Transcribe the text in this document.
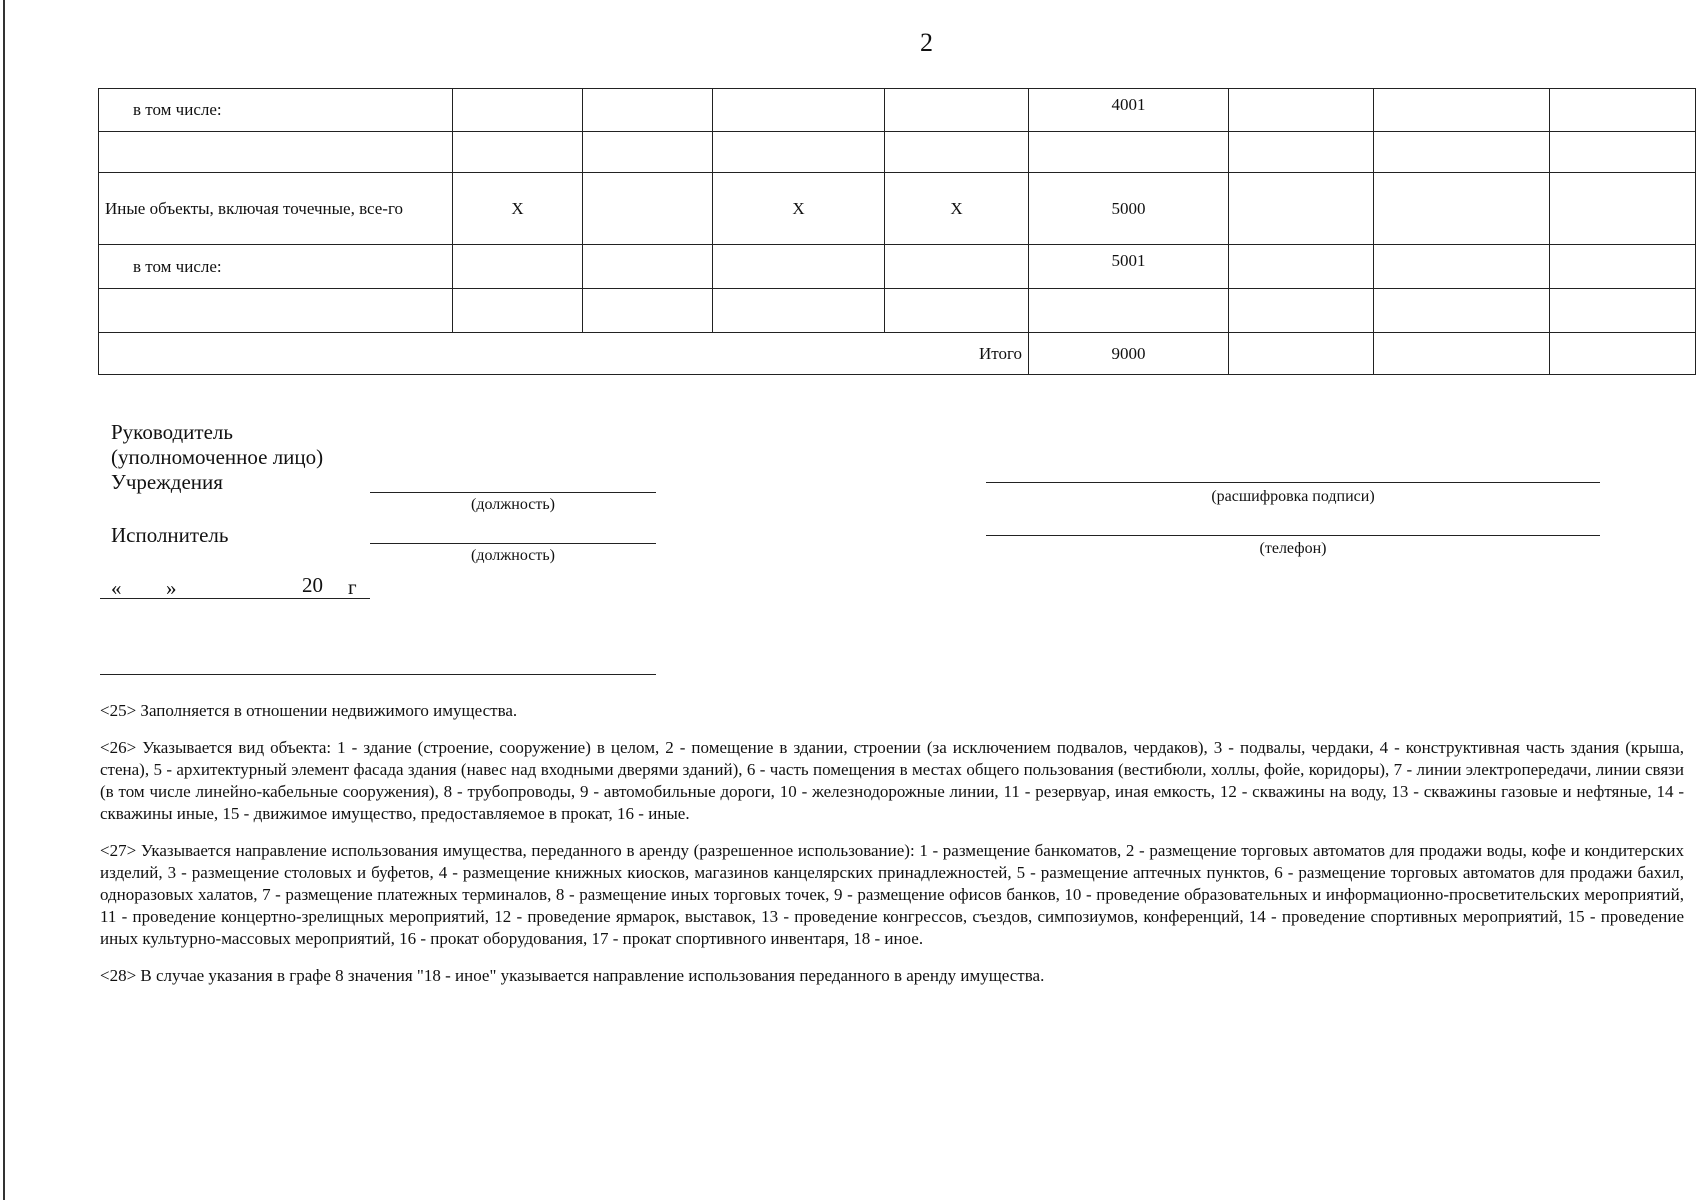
2
в том числе:					4001			

Иные объекты, включая точечные, все-го	Х		Х	Х	5000			
в том числе:					5001			

Итого					9000			
Руководитель
(уполномоченное лицо)
Учреждения
(должность)	(расшифровка подписи)
Исполнитель
(должность)	(телефон)
« »	20 г

<25> Заполняется в отношении недвижимого имущества.

<26> Указывается вид объекта: 1 - здание (строение, сооружение) в целом, 2 - помещение в здании, строении (за исключением подвалов, чердаков), 3 - подвалы, чердаки, 4 - конструктивная часть здания (крыша, стена), 5 - архитектурный элемент фасада здания (навес над входными дверями зданий), 6 - часть помещения в местах общего пользования (вестибюли, холлы, фойе, коридоры), 7 - линии электропередачи, линии связи (в том числе линейно-кабельные сооружения), 8 - трубопроводы, 9 - автомобильные дороги, 10 - железнодорожные линии, 11 - резервуар, иная емкость, 12 - скважины на воду, 13 - скважины газовые и нефтяные, 14 - скважины иные, 15 - движимое имущество, предоставляемое в прокат, 16 - иные.

<27> Указывается направление использования имущества, переданного в аренду (разрешенное использование): 1 - размещение банкоматов, 2 - размещение торговых автоматов для продажи воды, кофе и кондитерских изделий, 3 - размещение столовых и буфетов, 4 - размещение книжных киосков, магазинов канцелярских принадлежностей, 5 - размещение аптечных пунктов, 6 - размещение торговых автоматов для продажи бахил, одноразовых халатов, 7 - размещение платежных терминалов, 8 - размещение иных торговых точек, 9 - размещение офисов банков, 10 - проведение образовательных и информационно-просветительских мероприятий, 11 - проведение концертно-зрелищных мероприятий, 12 - проведение ярмарок, выставок, 13 - проведение конгрессов, съездов, симпозиумов, конференций, 14 - проведение спортивных мероприятий, 15 - проведение иных культурно-массовых мероприятий, 16 - прокат оборудования, 17 - прокат спортивного инвентаря, 18 - иное.

<28> В случае указания в графе 8 значения "18 - иное" указывается направление использования переданного в аренду имущества.
